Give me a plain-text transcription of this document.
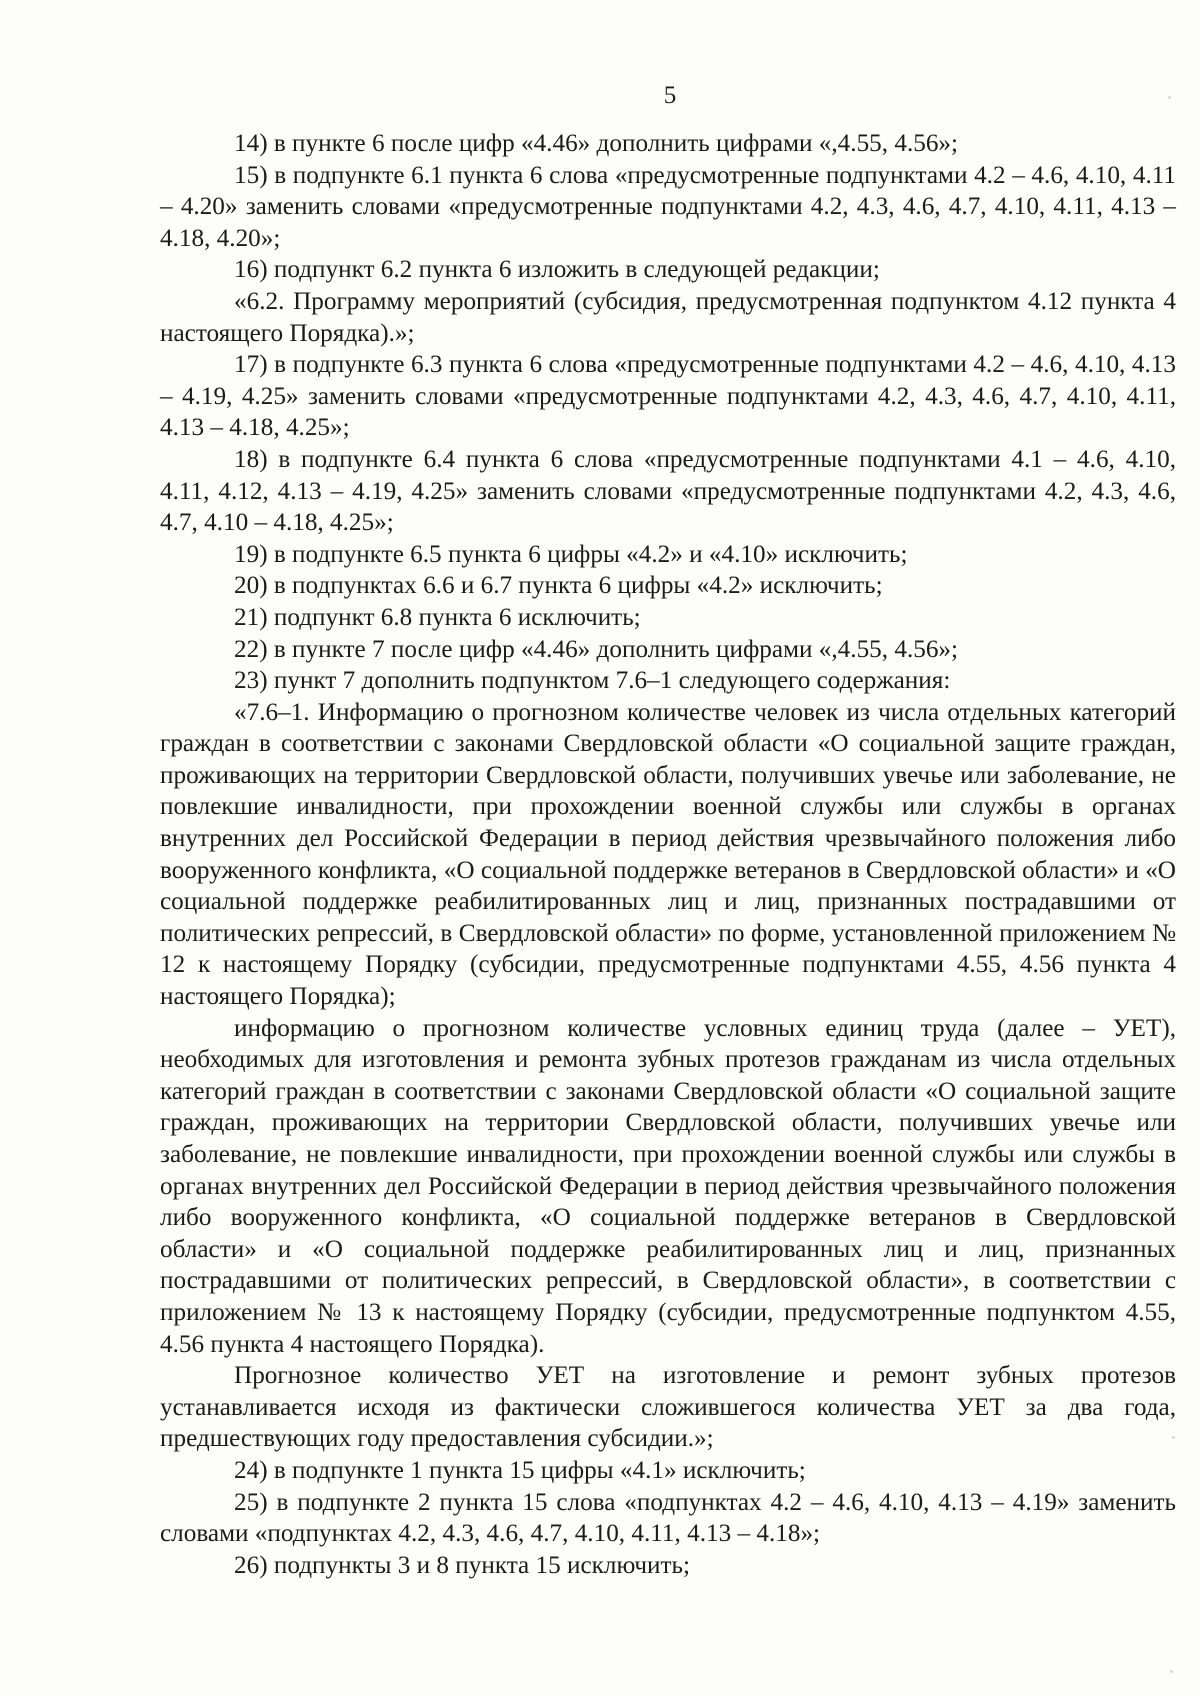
5

14) в пункте 6 после цифр «4.46» дополнить цифрами «,4.55, 4.56»;

15) в подпункте 6.1 пункта 6 слова «предусмотренные подпунктами 4.2 – 4.6, 4.10, 4.11 – 4.20» заменить словами «предусмотренные подпунктами 4.2, 4.3, 4.6, 4.7, 4.10, 4.11, 4.13 – 4.18, 4.20»;

16) подпункт 6.2 пункта 6 изложить в следующей редакции;

«6.2. Программу мероприятий (субсидия, предусмотренная подпунктом 4.12 пункта 4 настоящего Порядка).»;

17) в подпункте 6.3 пункта 6 слова «предусмотренные подпунктами 4.2 – 4.6, 4.10, 4.13 – 4.19, 4.25» заменить словами «предусмотренные подпунктами 4.2, 4.3, 4.6, 4.7, 4.10, 4.11, 4.13 – 4.18, 4.25»;

18) в подпункте 6.4 пункта 6 слова «предусмотренные подпунктами 4.1 – 4.6, 4.10, 4.11, 4.12, 4.13 – 4.19, 4.25» заменить словами «предусмотренные подпунктами 4.2, 4.3, 4.6, 4.7, 4.10 – 4.18, 4.25»;

19) в подпункте 6.5 пункта 6 цифры «4.2» и «4.10» исключить;

20) в подпунктах 6.6 и 6.7 пункта 6 цифры «4.2» исключить;

21) подпункт 6.8 пункта 6 исключить;

22) в пункте 7 после цифр «4.46» дополнить цифрами «,4.55, 4.56»;

23) пункт 7 дополнить подпунктом 7.6–1 следующего содержания:

«7.6–1. Информацию о прогнозном количестве человек из числа отдельных категорий граждан в соответствии с законами Свердловской области «О социальной защите граждан, проживающих на территории Свердловской области, получивших увечье или заболевание, не повлекшие инвалидности, при прохождении военной службы или службы в органах внутренних дел Российской Федерации в период действия чрезвычайного положения либо вооруженного конфликта, «О социальной поддержке ветеранов в Свердловской области» и «О социальной поддержке реабилитированных лиц и лиц, признанных пострадавшими от политических репрессий, в Свердловской области» по форме, установленной приложением № 12 к настоящему Порядку (субсидии, предусмотренные подпунктами 4.55, 4.56 пункта 4 настоящего Порядка);

информацию о прогнозном количестве условных единиц труда (далее – УЕТ), необходимых для изготовления и ремонта зубных протезов гражданам из числа отдельных категорий граждан в соответствии с законами Свердловской области «О социальной защите граждан, проживающих на территории Свердловской области, получивших увечье или заболевание, не повлекшие инвалидности, при прохождении военной службы или службы в органах внутренних дел Российской Федерации в период действия чрезвычайного положения либо вооруженного конфликта, «О социальной поддержке ветеранов в Свердловской области» и «О социальной поддержке реабилитированных лиц и лиц, признанных пострадавшими от политических репрессий, в Свердловской области», в соответствии с приложением № 13 к настоящему Порядку (субсидии, предусмотренные подпунктом 4.55, 4.56 пункта 4 настоящего Порядка).

Прогнозное количество УЕТ на изготовление и ремонт зубных протезов устанавливается исходя из фактически сложившегося количества УЕТ за два года, предшествующих году предоставления субсидии.»;

24) в подпункте 1 пункта 15 цифры «4.1» исключить;

25) в подпункте 2 пункта 15 слова «подпунктах 4.2 – 4.6, 4.10, 4.13 – 4.19» заменить словами «подпунктах 4.2, 4.3, 4.6, 4.7, 4.10, 4.11, 4.13 – 4.18»;

26) подпункты 3 и 8 пункта 15 исключить;
